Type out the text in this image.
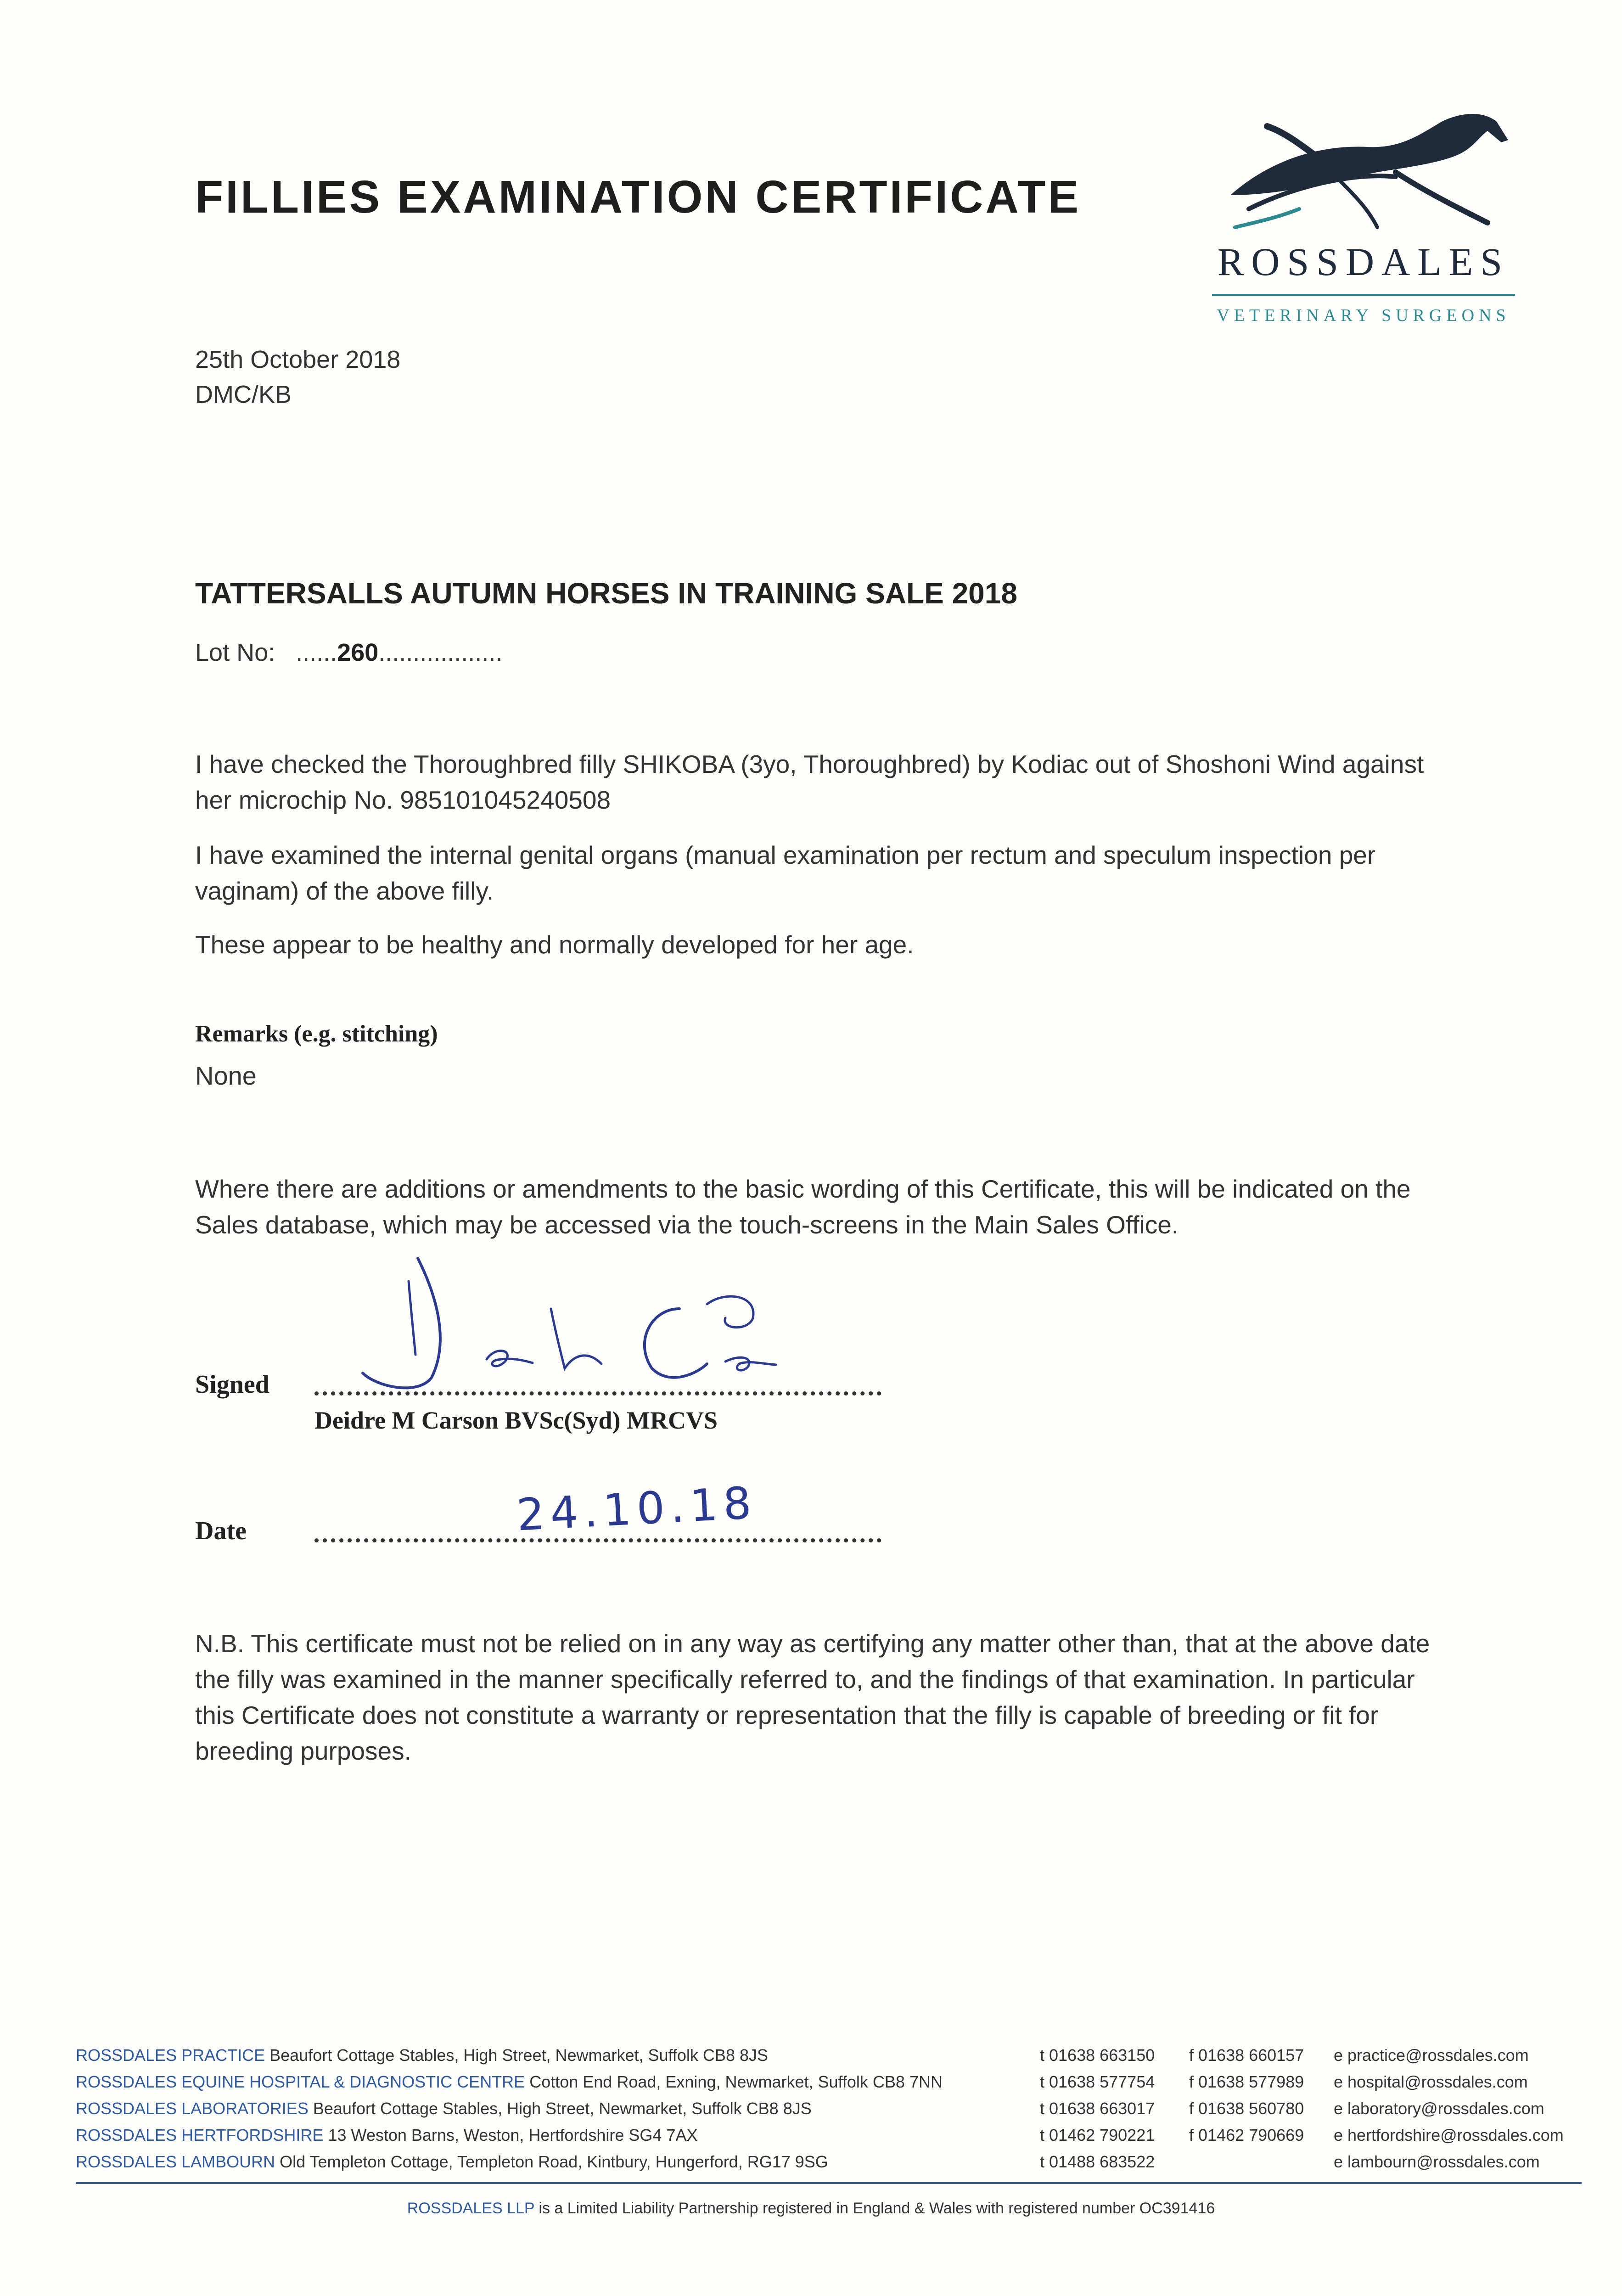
FILLIES EXAMINATION CERTIFICATE
ROSSDALES
VETERINARY SURGEONS
25th October 2018
DMC/KB
TATTERSALLS AUTUMN HORSES IN TRAINING SALE 2018
Lot No: ......260..................
I have checked the Thoroughbred filly SHIKOBA (3yo, Thoroughbred) by Kodiac out of Shoshoni Wind against her microchip No. 985101045240508
I have examined the internal genital organs (manual examination per rectum and speculum inspection per vaginam) of the above filly.
These appear to be healthy and normally developed for her age.
Remarks (e.g. stitching)
None
Where there are additions or amendments to the basic wording of this Certificate, this will be indicated on the Sales database, which may be accessed via the touch-screens in the Main Sales Office.
Signed
Deidre M Carson BVSc(Syd) MRCVS
Date	24.10.18
N.B. This certificate must not be relied on in any way as certifying any matter other than, that at the above date the filly was examined in the manner specifically referred to, and the findings of that examination. In particular this Certificate does not constitute a warranty or representation that the filly is capable of breeding or fit for breeding purposes.
ROSSDALES PRACTICE Beaufort Cottage Stables, High Street, Newmarket, Suffolk CB8 8JS	t 01638 663150 f 01638 660157 e practice@rossdales.com
ROSSDALES EQUINE HOSPITAL & DIAGNOSTIC CENTRE Cotton End Road, Exning, Newmarket, Suffolk CB8 7NN	t 01638 577754 f 01638 577989 e hospital@rossdales.com
ROSSDALES LABORATORIES Beaufort Cottage Stables, High Street, Newmarket, Suffolk CB8 8JS	t 01638 663017 f 01638 560780 e laboratory@rossdales.com
ROSSDALES HERTFORDSHIRE 13 Weston Barns, Weston, Hertfordshire SG4 7AX	t 01462 790221 f 01462 790669 e hertfordshire@rossdales.com
ROSSDALES LAMBOURN Old Templeton Cottage, Templeton Road, Kintbury, Hungerford, RG17 9SG	t 01488 683522	e lambourn@rossdales.com
ROSSDALES LLP is a Limited Liability Partnership registered in England & Wales with registered number OC391416
